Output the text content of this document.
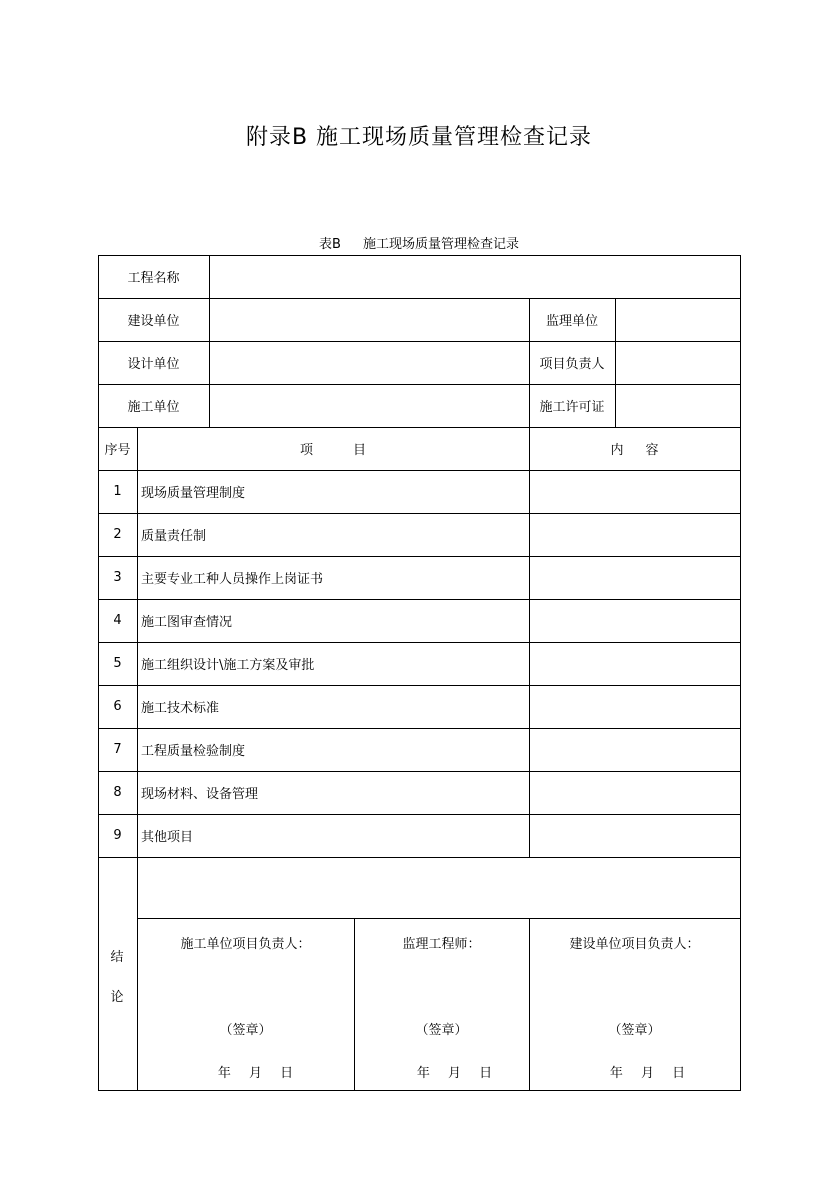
附录B 施工现场质量管理检查记录
表B 施工现场质量管理检查记录
工程名称
建设单位	监理单位
设计单位	项目负责人
施工单位	施工许可证
序号	项目	内容
1	现场质量管理制度
2	质量责任制
3	主要专业工种人员操作上岗证书
4	施工图审查情况
5	施工组织设计\施工方案及审批
6	施工技术标准
7	工程质量检验制度
8	现场材料、设备管理
9	其他项目
结
论
施工单位项目负责人：
（签章）
年 月 日
监理工程师：
（签章）
年 月 日
建设单位项目负责人：
（签章）
年 月 日
